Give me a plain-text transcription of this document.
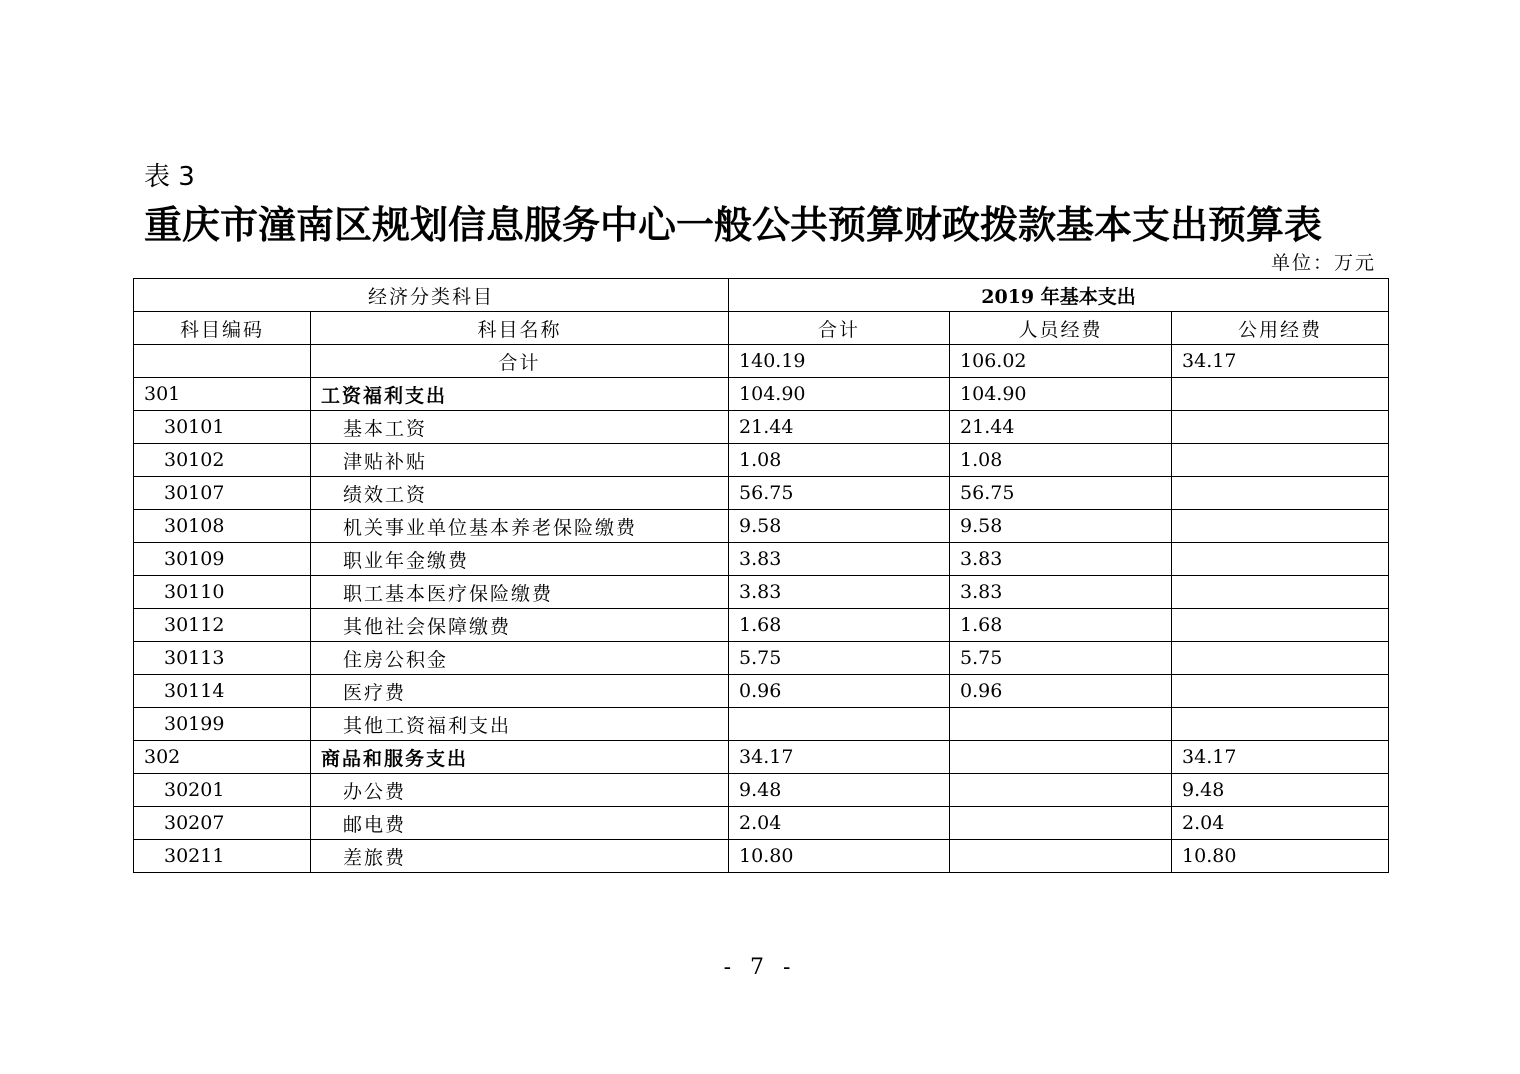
表 3
重庆市潼南区规划信息服务中心一般公共预算财政拨款基本支出预算表
单位：万元
经济分类科目		2019 年基本支出		
科目编码	科目名称	合计	人员经费	公用经费
	合计	140.19	106.02	34.17
301	工资福利支出	104.90	104.90	
30101	基本工资	21.44	21.44	
30102	津贴补贴	1.08	1.08	
30107	绩效工资	56.75	56.75	
30108	机关事业单位基本养老保险缴费	9.58	9.58	
30109	职业年金缴费	3.83	3.83	
30110	职工基本医疗保险缴费	3.83	3.83	
30112	其他社会保障缴费	1.68	1.68	
30113	住房公积金	5.75	5.75	
30114	医疗费	0.96	0.96	
30199	其他工资福利支出			
302	商品和服务支出	34.17		34.17
30201	办公费	9.48		9.48
30207	邮电费	2.04		2.04
30211	差旅费	10.80		10.80
- 7 -
